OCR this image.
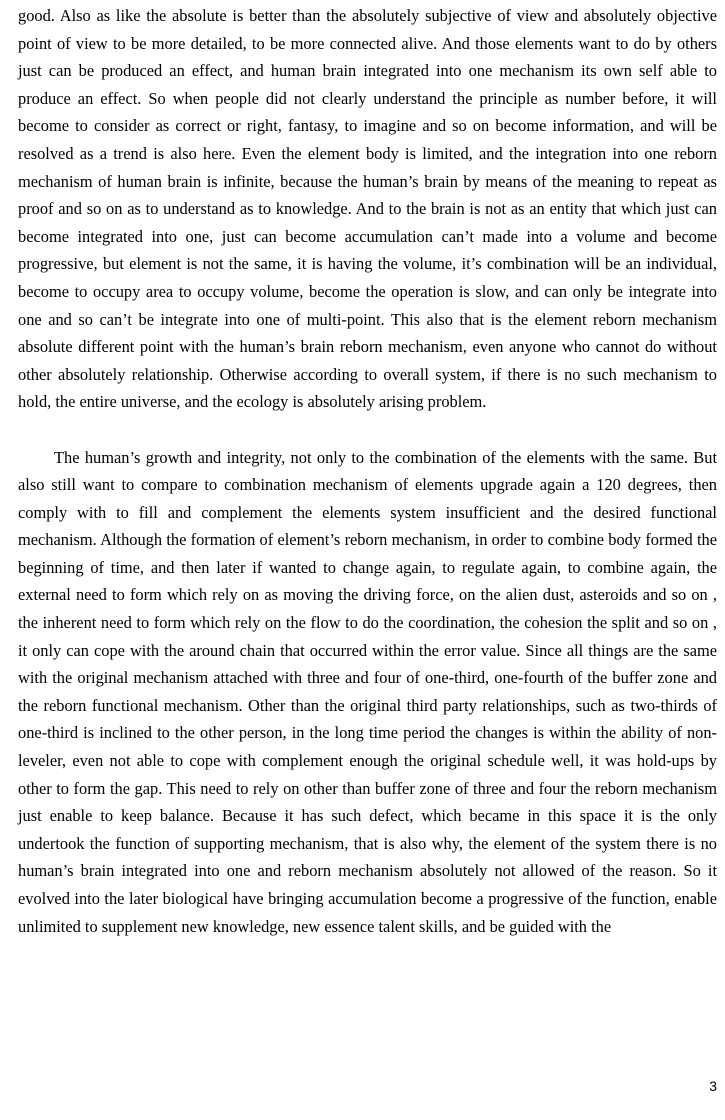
good. Also as like the absolute is better than the absolutely subjective of view and absolutely objective point of view to be more detailed, to be more connected alive. And those elements want to do by others just can be produced an effect, and human brain integrated into one mechanism its own self able to produce an effect. So when people did not clearly understand the principle as number before, it will become to consider as correct or right, fantasy, to imagine and so on become information, and will be resolved as a trend is also here. Even the element body is limited, and the integration into one reborn mechanism of human brain is infinite, because the human’s brain by means of the meaning to repeat as proof and so on as to understand as to knowledge. And to the brain is not as an entity that which just can become integrated into one, just can become accumulation can’t made into a volume and become progressive, but element is not the same, it is having the volume, it’s combination will be an individual, become to occupy area to occupy volume, become the operation is slow, and can only be integrate into one and so can’t be integrate into one of multi-point. This also that is the element reborn mechanism absolute different point with the human’s brain reborn mechanism, even anyone who cannot do without other absolutely relationship. Otherwise according to overall system, if there is no such mechanism to hold, the entire universe, and the ecology is absolutely arising problem.

The human’s growth and integrity, not only to the combination of the elements with the same. But also still want to compare to combination mechanism of elements upgrade again a 120 degrees, then comply with to fill and complement the elements system insufficient and the desired functional mechanism. Although the formation of element’s reborn mechanism, in order to combine body formed the beginning of time, and then later if wanted to change again, to regulate again, to combine again, the external need to form which rely on as moving the driving force, on the alien dust, asteroids and so on , the inherent need to form which rely on the flow to do the coordination, the cohesion the split and so on , it only can cope with the around chain that occurred within the error value. Since all things are the same with the original mechanism attached with three and four of one-third, one-fourth of the buffer zone and the reborn functional mechanism. Other than the original third party relationships, such as two-thirds of one-third is inclined to the other person, in the long time period the changes is within the ability of non-leveler, even not able to cope with complement enough the original schedule well, it was hold-ups by other to form the gap. This need to rely on other than buffer zone of three and four the reborn mechanism just enable to keep balance. Because it has such defect, which became in this space it is the only undertook the function of supporting mechanism, that is also why, the element of the system there is no human’s brain integrated into one and reborn mechanism absolutely not allowed of the reason. So it evolved into the later biological have bringing accumulation become a progressive of the function, enable unlimited to supplement new knowledge, new essence talent skills, and be guided with the

3
